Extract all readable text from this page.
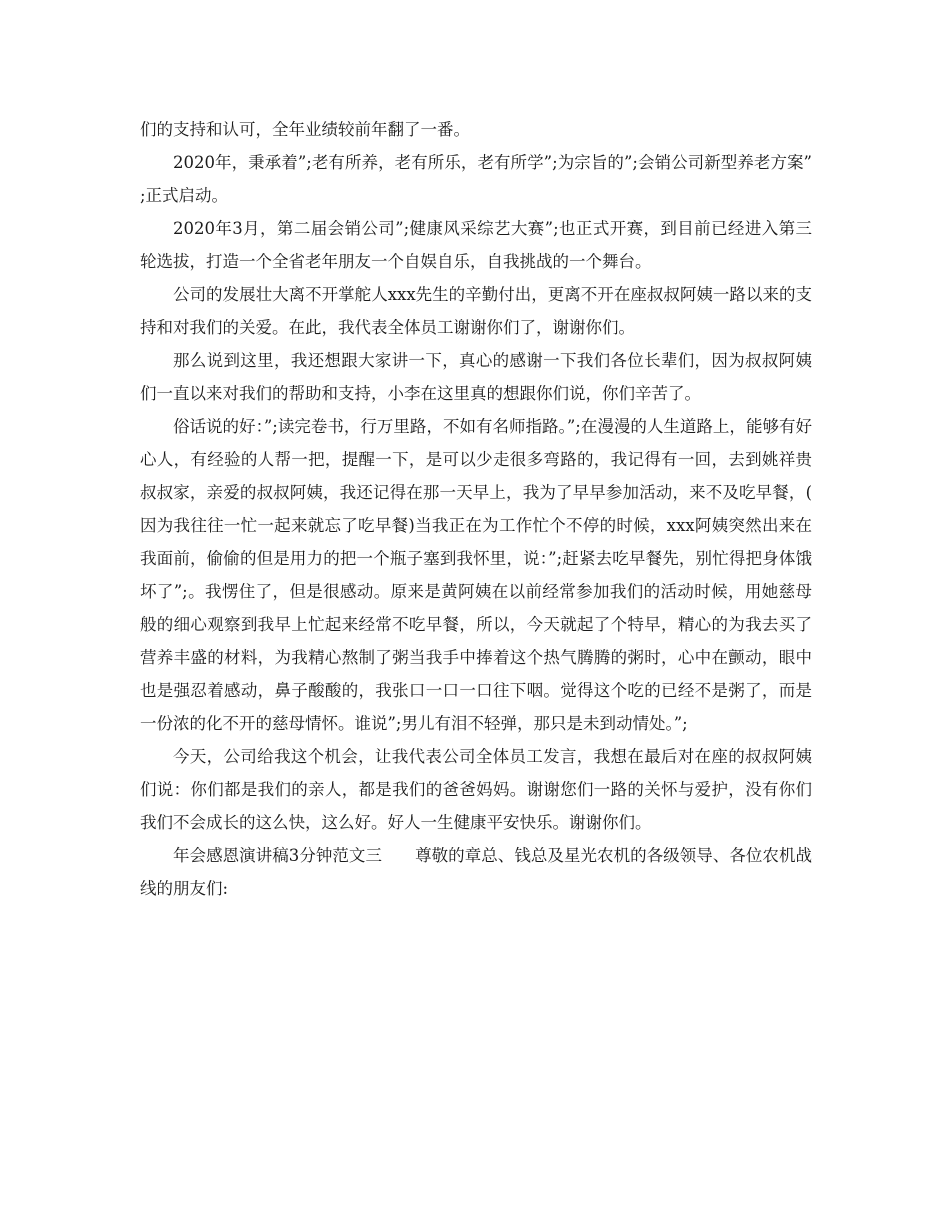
们的支持和认可，全年业绩较前年翻了一番。

2020年，秉承着”;老有所养，老有所乐，老有所学”;为宗旨的”;会销公司新型养老方案”;正式启动。

2020年3月，第二届会销公司”;健康风采综艺大赛”;也正式开赛，到目前已经进入第三轮选拔，打造一个全省老年朋友一个自娱自乐，自我挑战的一个舞台。

公司的发展壮大离不开掌舵人xxx先生的辛勤付出，更离不开在座叔叔阿姨一路以来的支持和对我们的关爱。在此，我代表全体员工谢谢你们了，谢谢你们。

那么说到这里，我还想跟大家讲一下，真心的感谢一下我们各位长辈们，因为叔叔阿姨们一直以来对我们的帮助和支持，小李在这里真的想跟你们说，你们辛苦了。

俗话说的好：”;读完卷书，行万里路，不如有名师指路。”;在漫漫的人生道路上，能够有好心人，有经验的人帮一把，提醒一下，是可以少走很多弯路的，我记得有一回，去到姚祥贵叔叔家，亲爱的叔叔阿姨，我还记得在那一天早上，我为了早早参加活动，来不及吃早餐，(因为我往往一忙一起来就忘了吃早餐)当我正在为工作忙个不停的时候，xxx阿姨突然出来在我面前，偷偷的但是用力的把一个瓶子塞到我怀里，说：”;赶紧去吃早餐先，别忙得把身体饿坏了”;。我愣住了，但是很感动。原来是黄阿姨在以前经常参加我们的活动时候，用她慈母般的细心观察到我早上忙起来经常不吃早餐，所以，今天就起了个特早，精心的为我去买了营养丰盛的材料，为我精心熬制了粥当我手中捧着这个热气腾腾的粥时，心中在颤动，眼中也是强忍着感动，鼻子酸酸的，我张口一口一口往下咽。觉得这个吃的已经不是粥了，而是一份浓的化不开的慈母情怀。谁说”;男儿有泪不轻弹，那只是未到动情处。”;

今天，公司给我这个机会，让我代表公司全体员工发言，我想在最后对在座的叔叔阿姨们说：你们都是我们的亲人，都是我们的爸爸妈妈。谢谢您们一路的关怀与爱护，没有你们我们不会成长的这么快，这么好。好人一生健康平安快乐。谢谢你们。

年会感恩演讲稿3分钟范文三　　尊敬的章总、钱总及星光农机的各级领导、各位农机战线的朋友们:
